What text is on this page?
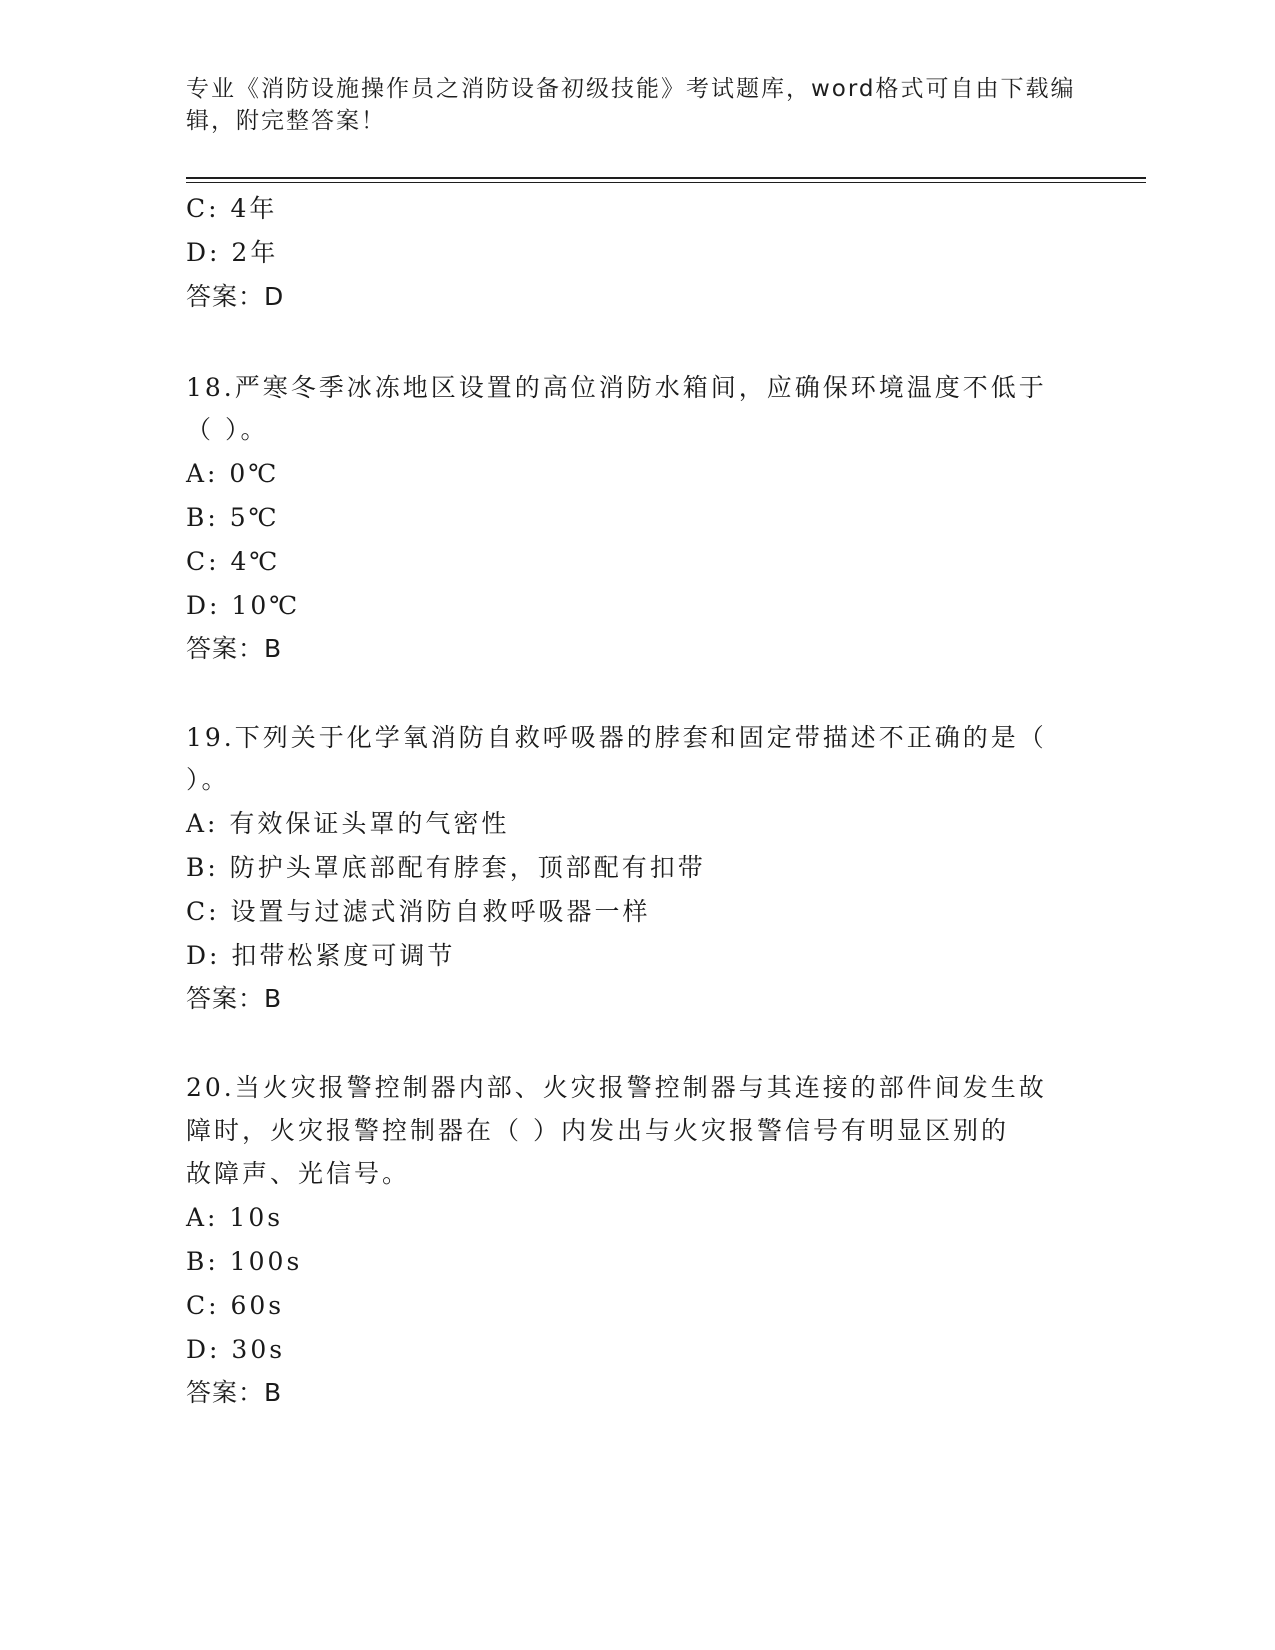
专业《消防设施操作员之消防设备初级技能》考试题库，word格式可自由下载编
辑，附完整答案！
C: 4年
D: 2年
答案：D
18.严寒冬季冰冻地区设置的高位消防水箱间，应确保环境温度不低于
（ ）。
A: 0℃
B: 5℃
C: 4℃
D: 10℃
答案：B
19.下列关于化学氧消防自救呼吸器的脖套和固定带描述不正确的是（
）。
A: 有效保证头罩的气密性
B: 防护头罩底部配有脖套，顶部配有扣带
C: 设置与过滤式消防自救呼吸器一样
D: 扣带松紧度可调节
答案：B
20.当火灾报警控制器内部、火灾报警控制器与其连接的部件间发生故
障时，火灾报警控制器在（ ）内发出与火灾报警信号有明显区别的
故障声、光信号。
A: 10s
B: 100s
C: 60s
D: 30s
答案：B
